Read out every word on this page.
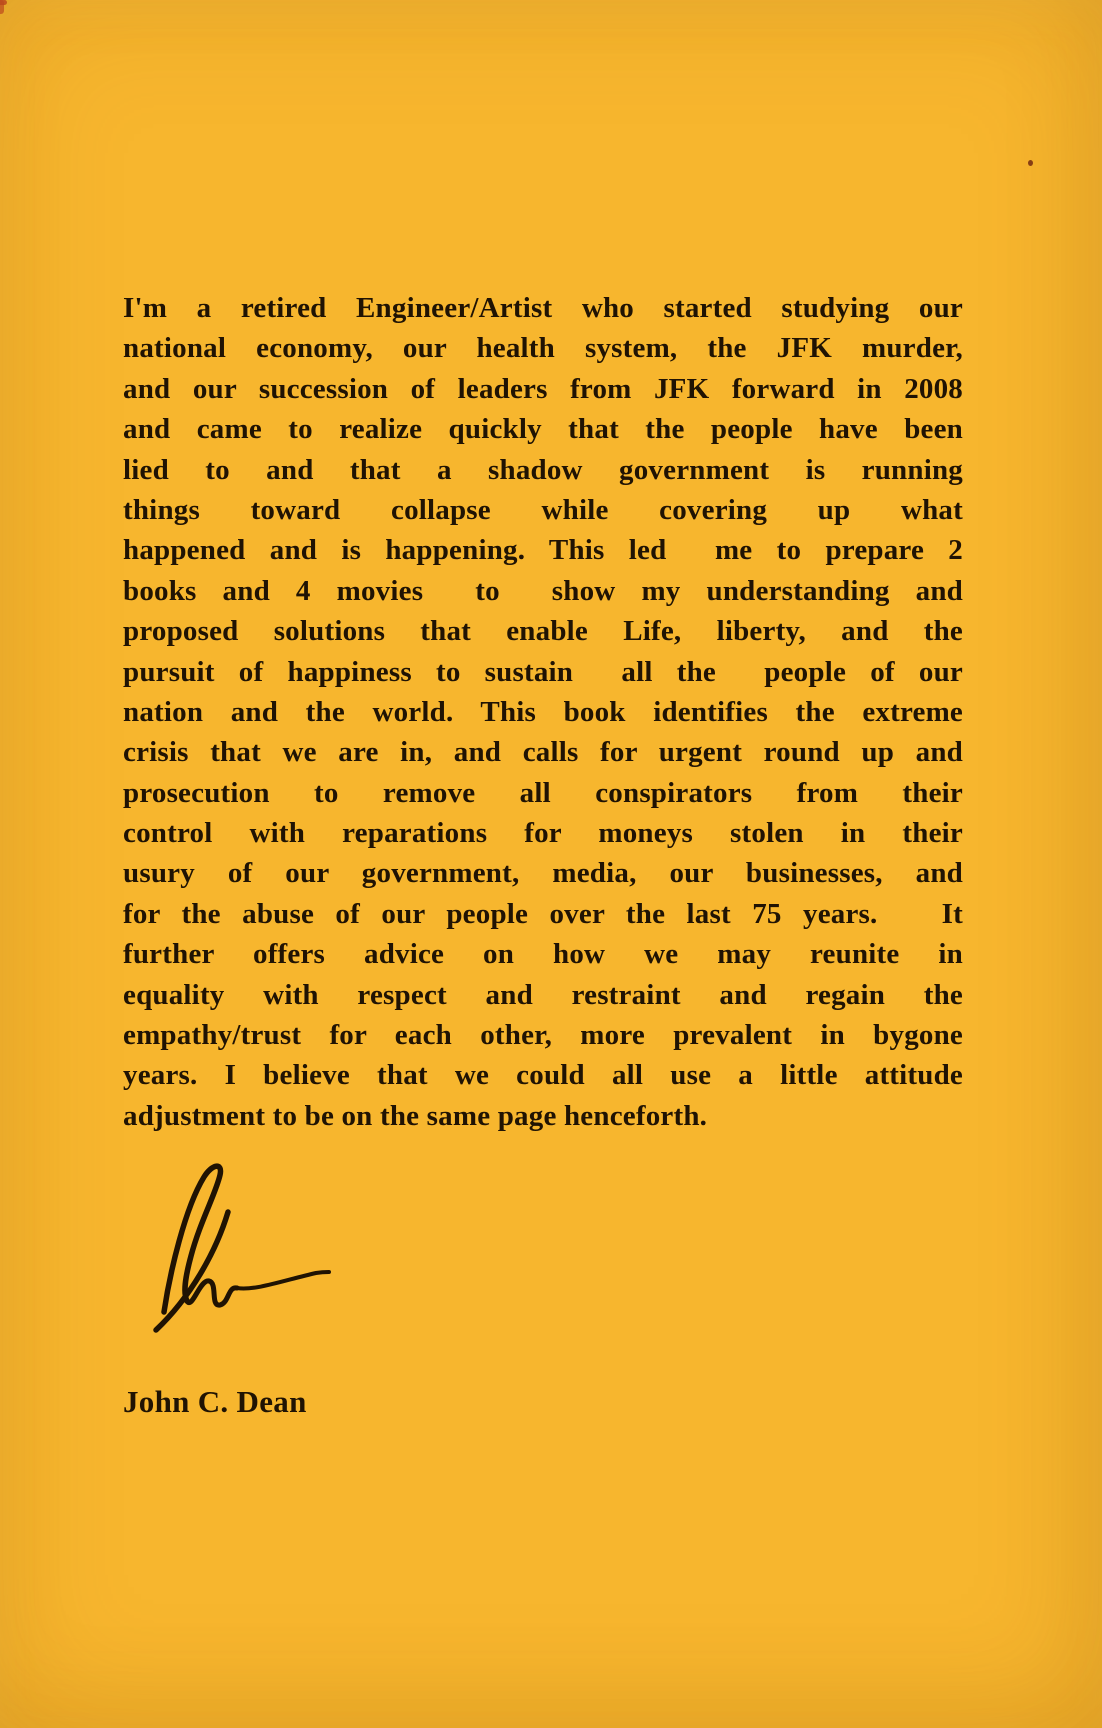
I'm a retired Engineer/Artist who started studying our
national economy, our health system, the JFK murder,
and our succession of leaders from JFK forward in 2008
and came to realize quickly that the people have been
lied to and that a shadow government is running
things toward collapse while covering up what
happened and is happening. This led  me to prepare 2
books and 4 movies  to  show my understanding and
proposed solutions that enable Life, liberty, and the
pursuit of happiness to sustain  all the  people of our
nation and the world. This book identifies the extreme
crisis that we are in, and calls for urgent round up and
prosecution to remove all conspirators from their
control with reparations for moneys stolen in their
usury of our government, media, our businesses, and
for the abuse of our people over the last 75 years.   It
further offers advice on how we may reunite in
equality with respect and restraint and regain the
empathy/trust for each other, more prevalent in bygone
years. I believe that we could all use a little attitude
adjustment to be on the same page henceforth.
John C. Dean
